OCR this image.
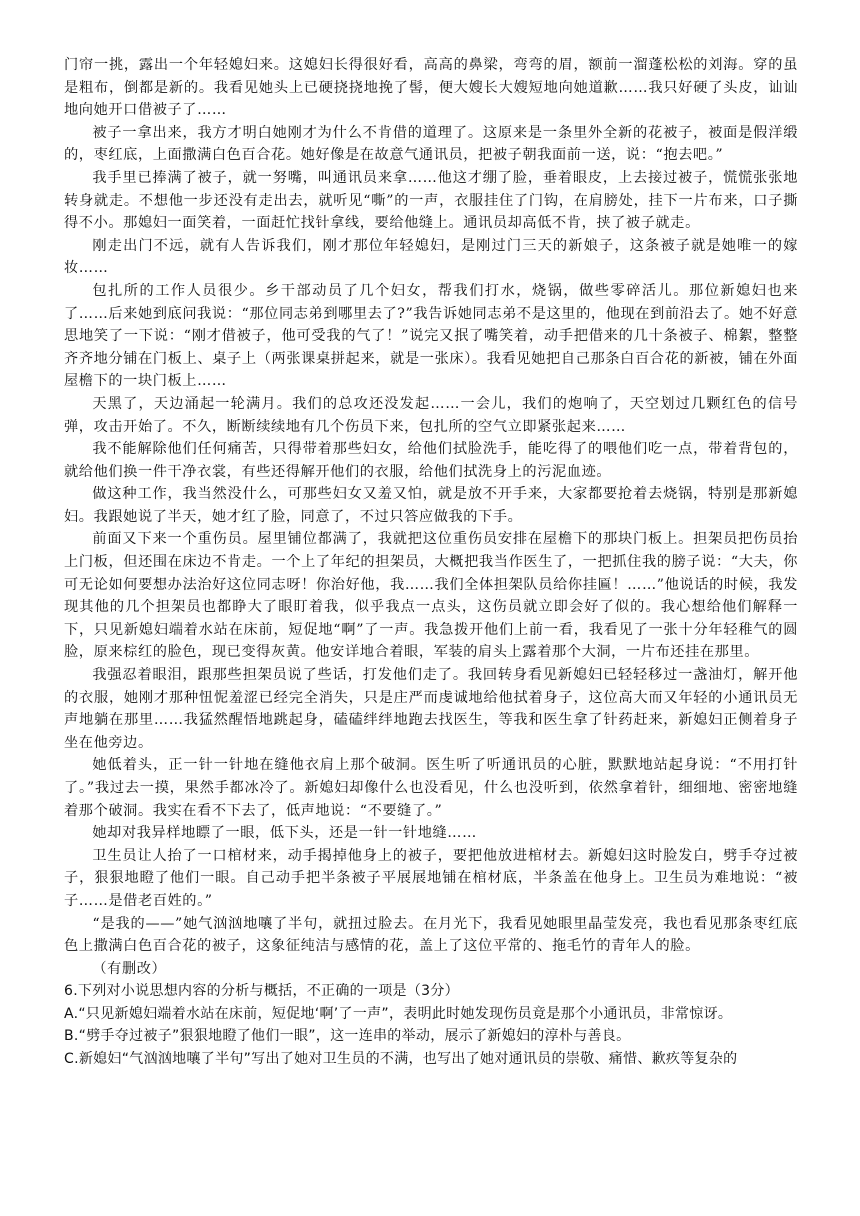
门帘一挑，露出一个年轻媳妇来。这媳妇长得很好看，高高的鼻梁，弯弯的眉，额前一溜蓬松松的刘海。穿的虽是粗布，倒都是新的。我看见她头上已硬挠挠地挽了髻，便大嫂长大嫂短地向她道歉……我只好硬了头皮，讪讪地向她开口借被子了……

被子一拿出来，我方才明白她刚才为什么不肯借的道理了。这原来是一条里外全新的花被子，被面是假洋缎的，枣红底，上面撒满白色百合花。她好像是在故意气通讯员，把被子朝我面前一送，说：“抱去吧。”

我手里已捧满了被子，就一努嘴，叫通讯员来拿……他这才绷了脸，垂着眼皮，上去接过被子，慌慌张张地转身就走。不想他一步还没有走出去，就听见“嘶”的一声，衣服挂住了门钩，在肩膀处，挂下一片布来，口子撕得不小。那媳妇一面笑着，一面赶忙找针拿线，要给他缝上。通讯员却高低不肯，挟了被子就走。

刚走出门不远，就有人告诉我们，刚才那位年轻媳妇，是刚过门三天的新娘子，这条被子就是她唯一的嫁妆……

包扎所的工作人员很少。乡干部动员了几个妇女，帮我们打水，烧锅，做些零碎活儿。那位新媳妇也来了……后来她到底问我说：“那位同志弟到哪里去了?”我告诉她同志弟不是这里的，他现在到前沿去了。她不好意思地笑了一下说：“刚才借被子，他可受我的气了！”说完又抿了嘴笑着，动手把借来的几十条被子、棉絮，整整齐齐地分铺在门板上、桌子上（两张课桌拼起来，就是一张床）。我看见她把自己那条白百合花的新被，铺在外面屋檐下的一块门板上……

天黑了，天边涌起一轮满月。我们的总攻还没发起……一会儿，我们的炮响了，天空划过几颗红色的信号弹，攻击开始了。不久，断断续续地有几个伤员下来，包扎所的空气立即紧张起来……

我不能解除他们任何痛苦，只得带着那些妇女，给他们拭脸洗手，能吃得了的喂他们吃一点，带着背包的，就给他们换一件干净衣裳，有些还得解开他们的衣服，给他们拭洗身上的污泥血迹。

做这种工作，我当然没什么，可那些妇女又羞又怕，就是放不开手来，大家都要抢着去烧锅，特别是那新媳妇。我跟她说了半天，她才红了脸，同意了，不过只答应做我的下手。

前面又下来一个重伤员。屋里铺位都满了，我就把这位重伤员安排在屋檐下的那块门板上。担架员把伤员抬上门板，但还围在床边不肯走。一个上了年纪的担架员，大概把我当作医生了，一把抓住我的膀子说：“大夫，你可无论如何要想办法治好这位同志呀！你治好他，我……我们全体担架队员给你挂匾！……”他说话的时候，我发现其他的几个担架员也都睁大了眼盯着我，似乎我点一点头，这伤员就立即会好了似的。我心想给他们解释一下，只见新媳妇端着水站在床前，短促地“啊”了一声。我急拨开他们上前一看，我看见了一张十分年轻稚气的圆脸，原来棕红的脸色，现已变得灰黄。他安详地合着眼，军装的肩头上露着那个大洞，一片布还挂在那里。

我强忍着眼泪，跟那些担架员说了些话，打发他们走了。我回转身看见新媳妇已轻轻移过一盏油灯，解开他的衣服，她刚才那种忸怩羞涩已经完全消失，只是庄严而虔诚地给他拭着身子，这位高大而又年轻的小通讯员无声地躺在那里……我猛然醒悟地跳起身，磕磕绊绊地跑去找医生，等我和医生拿了针药赶来，新媳妇正侧着身子坐在他旁边。

她低着头，正一针一针地在缝他衣肩上那个破洞。医生听了听通讯员的心脏，默默地站起身说：“不用打针了。”我过去一摸，果然手都冰冷了。新媳妇却像什么也没看见，什么也没听到，依然拿着针，细细地、密密地缝着那个破洞。我实在看不下去了，低声地说：“不要缝了。”

她却对我异样地瞟了一眼，低下头，还是一针一针地缝……

卫生员让人抬了一口棺材来，动手揭掉他身上的被子，要把他放进棺材去。新媳妇这时脸发白，劈手夺过被子，狠狠地瞪了他们一眼。自己动手把半条被子平展展地铺在棺材底，半条盖在他身上。卫生员为难地说：“被子……是借老百姓的。”

“是我的——”她气汹汹地嚷了半句，就扭过脸去。在月光下，我看见她眼里晶莹发亮，我也看见那条枣红底色上撒满白色百合花的被子，这象征纯洁与感情的花，盖上了这位平常的、拖毛竹的青年人的脸。

（有删改）

6.下列对小说思想内容的分析与概括，不正确的一项是（3分）

A.“只见新媳妇端着水站在床前，短促地‘啊’了一声”，表明此时她发现伤员竟是那个小通讯员，非常惊讶。

B.“劈手夺过被子”狠狠地瞪了他们一眼”，这一连串的举动，展示了新媳妇的淳朴与善良。

C.新媳妇“气汹汹地嚷了半句”写出了她对卫生员的不满，也写出了她对通讯员的崇敬、痛惜、歉疚等复杂的
